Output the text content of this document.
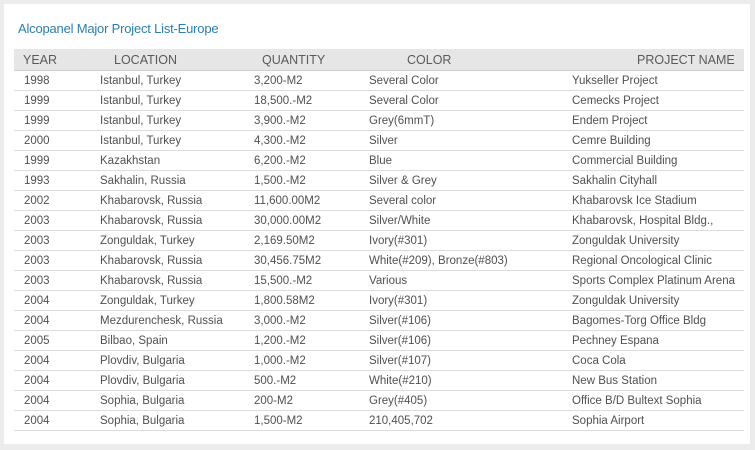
Alcopanel Major Project List-Europe
YEAR	LOCATION	QUANTITY	COLOR	PROJECT NAME
1998	Istanbul, Turkey	3,200-M2	Several Color	Yukseller Project
1999	Istanbul, Turkey	18,500.-M2	Several Color	Cemecks Project
1999	Istanbul, Turkey	3,900.-M2	Grey(6mmT)	Endem Project
2000	Istanbul, Turkey	4,300.-M2	Silver	Cemre Building
1999	Kazakhstan	6,200.-M2	Blue	Commercial Building
1993	Sakhalin, Russia	1,500.-M2	Silver & Grey	Sakhalin Cityhall
2002	Khabarovsk, Russia	11,600.00M2	Several color	Khabarovsk Ice Stadium
2003	Khabarovsk, Russia	30,000.00M2	Silver/White	Khabarovsk, Hospital Bldg.,
2003	Zonguldak, Turkey	2,169.50M2	Ivory(#301)	Zonguldak University
2003	Khabarovsk, Russia	30,456.75M2	White(#209), Bronze(#803)	Regional Oncological Clinic
2003	Khabarovsk, Russia	15,500.-M2	Various	Sports Complex Platinum Arena
2004	Zonguldak, Turkey	1,800.58M2	Ivory(#301)	Zonguldak University
2004	Mezdurenchesk, Russia	3,000.-M2	Silver(#106)	Bagomes-Torg Office Bldg
2005	Bilbao, Spain	1,200.-M2	Silver(#106)	Pechney Espana
2004	Plovdiv, Bulgaria	1,000.-M2	Silver(#107)	Coca Cola
2004	Plovdiv, Bulgaria	500.-M2	White(#210)	New Bus Station
2004	Sophia, Bulgaria	200-M2	Grey(#405)	Office B/D Bultext Sophia
2004	Sophia, Bulgaria	1,500-M2	210,405,702	Sophia Airport
